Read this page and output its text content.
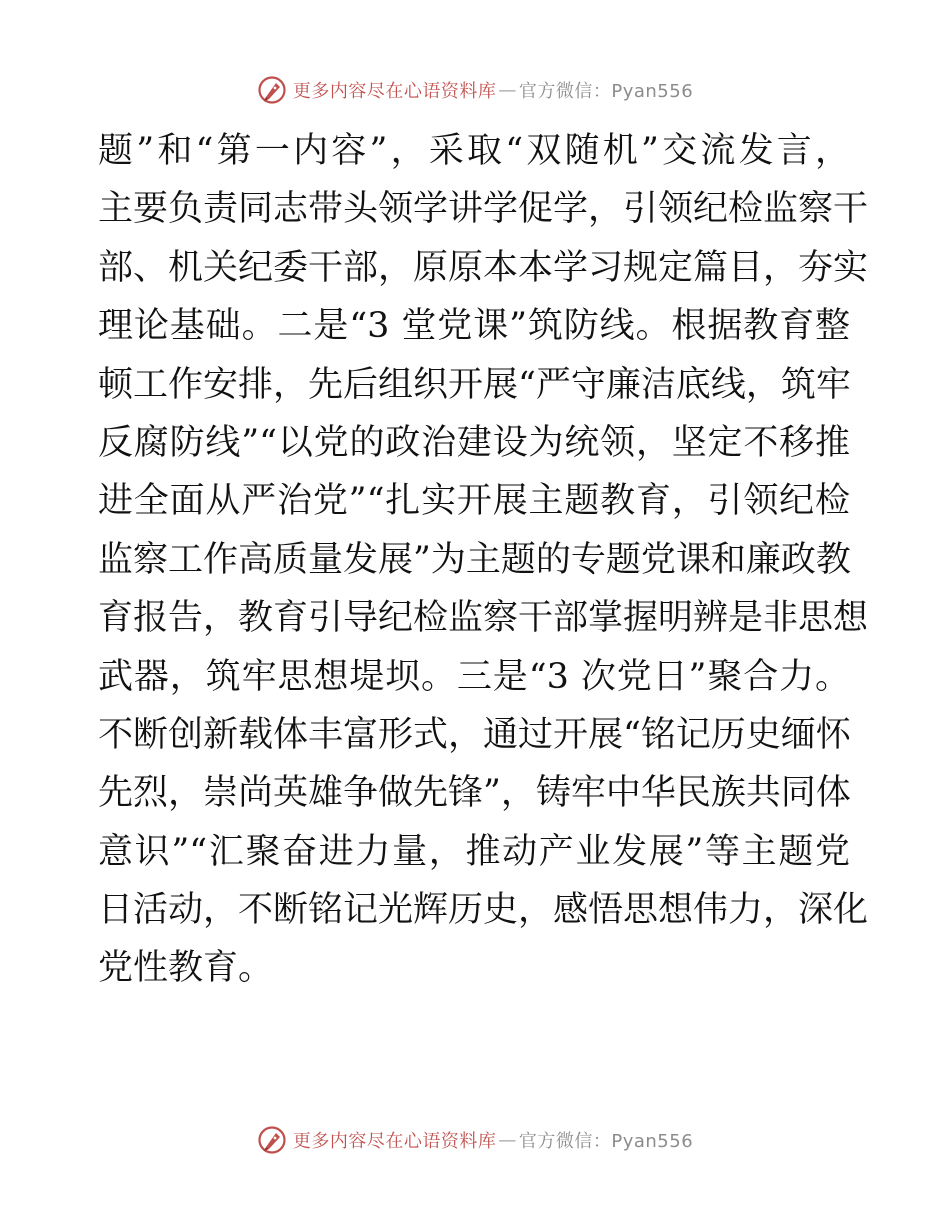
更多内容尽在心语资料库 — 官方微信：Pyan556
题”和“第一内容”，采取“双随机”交流发言，
主要负责同志带头领学讲学促学，引领纪检监察干
部、机关纪委干部，原原本本学习规定篇目，夯实
理论基础。二是“3 堂党课”筑防线。根据教育整
顿工作安排，先后组织开展“严守廉洁底线，筑牢
反腐防线”“以党的政治建设为统领，坚定不移推
进全面从严治党”“扎实开展主题教育，引领纪检
监察工作高质量发展”为主题的专题党课和廉政教
育报告，教育引导纪检监察干部掌握明辨是非思想
武器，筑牢思想堤坝。三是“3 次党日”聚合力。
不断创新载体丰富形式，通过开展“铭记历史缅怀
先烈，崇尚英雄争做先锋”，铸牢中华民族共同体
意识”“汇聚奋进力量，推动产业发展”等主题党
日活动，不断铭记光辉历史，感悟思想伟力，深化
党性教育。
更多内容尽在心语资料库 — 官方微信：Pyan556
